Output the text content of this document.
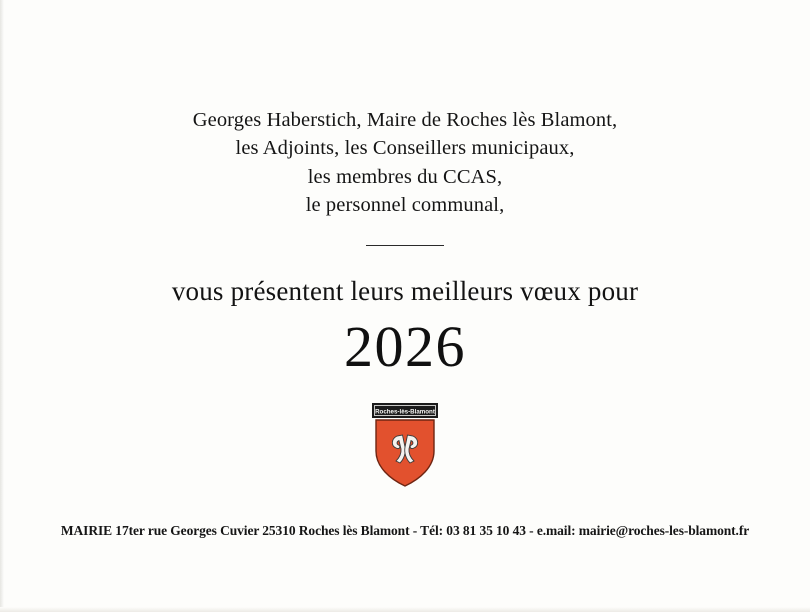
Georges Haberstich, Maire de Roches lès Blamont,
les Adjoints, les Conseillers municipaux,
les membres du CCAS,
le personnel communal,
vous présentent leurs meilleurs vœux pour
2026
Roches-lès-Blamont
MAIRIE 17ter rue Georges Cuvier 25310 Roches lès Blamont - Tél: 03 81 35 10 43 - e.mail: mairie@roches-les-blamont.fr
